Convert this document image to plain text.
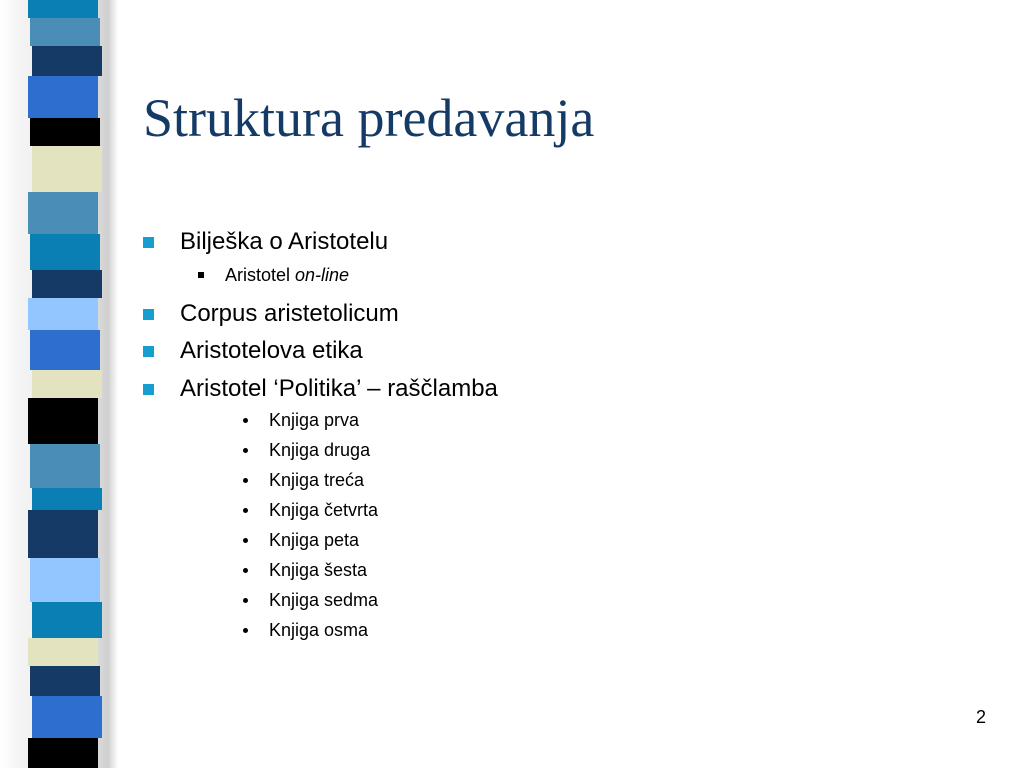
Struktura predavanja
Bilješka o Aristotelu
Aristotel on-line
Corpus aristetolicum
Aristotelova etika
Aristotel ‘Politika’ – raščlamba
Knjiga prva
Knjiga druga
Knjiga treća
Knjiga četvrta
Knjiga peta
Knjiga šesta
Knjiga sedma
Knjiga osma
2
